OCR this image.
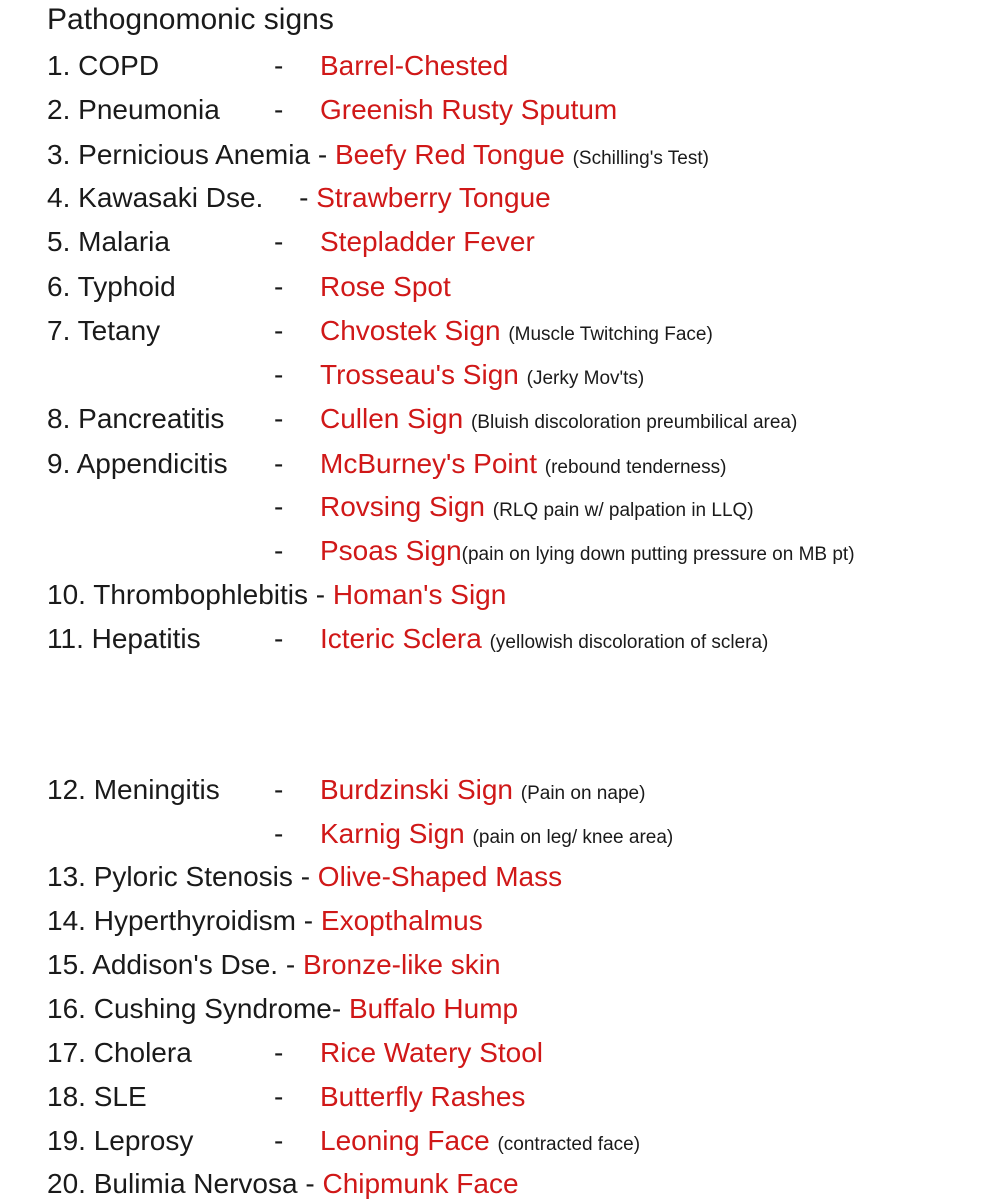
Pathognomonic signs
1. COPD	- Barrel-Chested
2. Pneumonia - Greenish Rusty Sputum
3. Pernicious Anemia - Beefy Red Tongue (Schilling's Test)
4. Kawasaki Dse. - Strawberry Tongue
5. Malaria	- Stepladder Fever
6. Typhoid	- Rose Spot
7. Tetany	- Chvostek Sign (Muscle Twitching Face)
- Trosseau's Sign (Jerky Mov'ts)
8. Pancreatitis - Cullen Sign (Bluish discoloration preumbilical area)
9. Appendicitis - McBurney's Point (rebound tenderness)
- Rovsing Sign (RLQ pain w/ palpation in LLQ)
- Psoas Sign(pain on lying down putting pressure on MB pt)
10. Thrombophlebitis - Homan's Sign
11. Hepatitis	- Icteric Sclera (yellowish discoloration of sclera)
12. Meningitis - Burdzinski Sign (Pain on nape)
- Karnig Sign (pain on leg/ knee area)
13. Pyloric Stenosis - Olive-Shaped Mass
14. Hyperthyroidism - Exopthalmus
15. Addison's Dse. - Bronze-like skin
16. Cushing Syndrome- Buffalo Hump
17. Cholera	- Rice Watery Stool
18. SLE	- Butterfly Rashes
19. Leprosy	- Leoning Face (contracted face)
20. Bulimia Nervosa - Chipmunk Face
